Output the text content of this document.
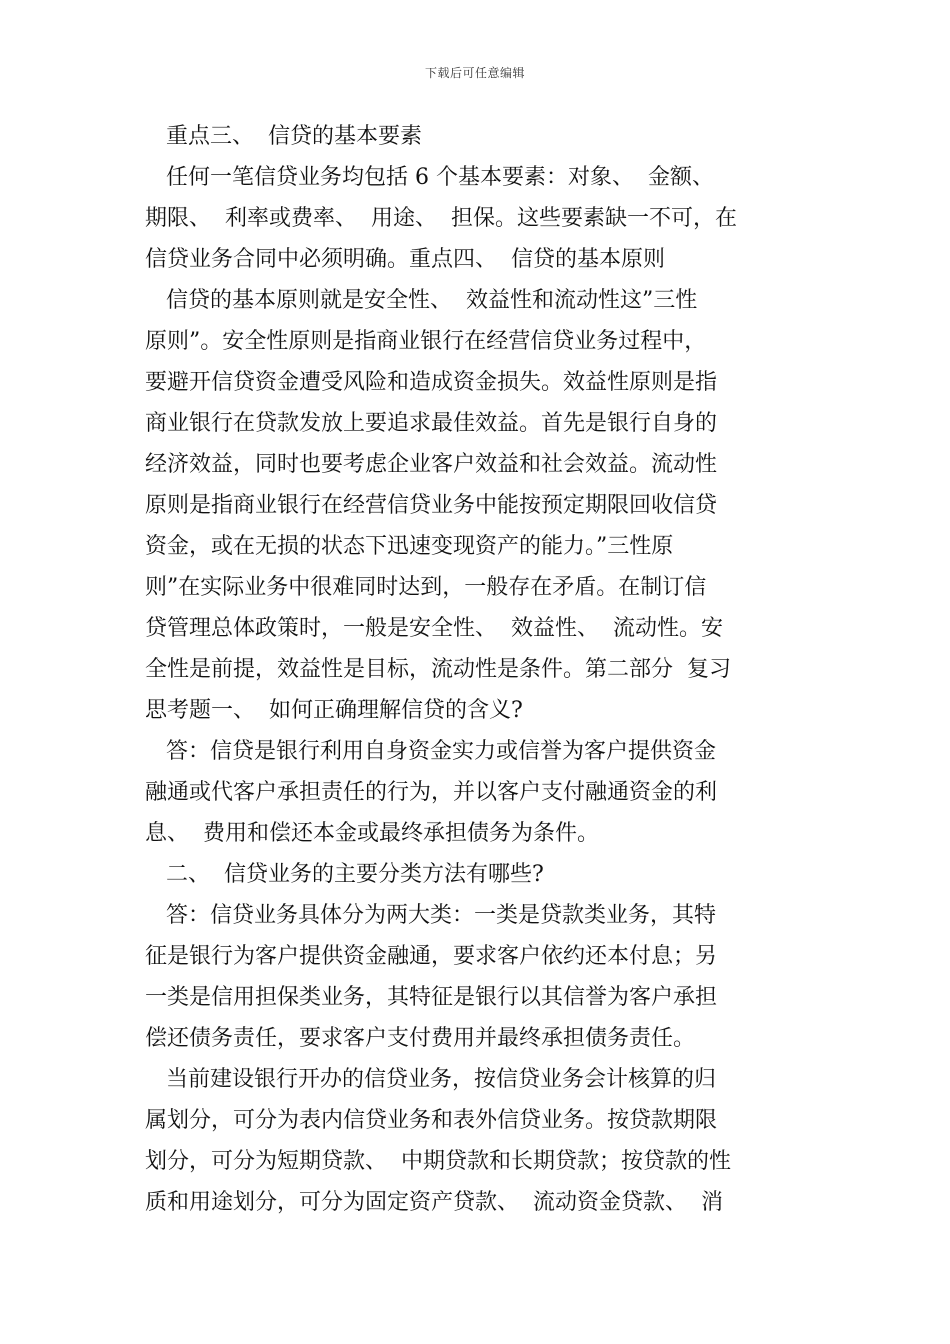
下载后可任意编辑
重点三、  信贷的基本要素
任何一笔信贷业务均包括 6 个基本要素：对象、  金额、
期限、  利率或费率、  用途、  担保。这些要素缺一不可，在
信贷业务合同中必须明确。重点四、  信贷的基本原则
信贷的基本原则就是安全性、  效益性和流动性这”三性
原则”。安全性原则是指商业银行在经营信贷业务过程中，
要避开信贷资金遭受风险和造成资金损失。效益性原则是指
商业银行在贷款发放上要追求最佳效益。首先是银行自身的
经济效益，同时也要考虑企业客户效益和社会效益。流动性
原则是指商业银行在经营信贷业务中能按预定期限回收信贷
资金，或在无损的状态下迅速变现资产的能力。”三性原
则”在实际业务中很难同时达到，一般存在矛盾。在制订信
贷管理总体政策时，一般是安全性、  效益性、  流动性。安
全性是前提，效益性是目标，流动性是条件。第二部分  复习
思考题一、  如何正确理解信贷的含义?
答：信贷是银行利用自身资金实力或信誉为客户提供资金
融通或代客户承担责任的行为，并以客户支付融通资金的利
息、  费用和偿还本金或最终承担债务为条件。
二、  信贷业务的主要分类方法有哪些?
答：信贷业务具体分为两大类：一类是贷款类业务，其特
征是银行为客户提供资金融通，要求客户依约还本付息；另
一类是信用担保类业务，其特征是银行以其信誉为客户承担
偿还债务责任，要求客户支付费用并最终承担债务责任。
当前建设银行开办的信贷业务，按信贷业务会计核算的归
属划分，可分为表内信贷业务和表外信贷业务。按贷款期限
划分，可分为短期贷款、  中期贷款和长期贷款；按贷款的性
质和用途划分，可分为固定资产贷款、  流动资金贷款、  消
